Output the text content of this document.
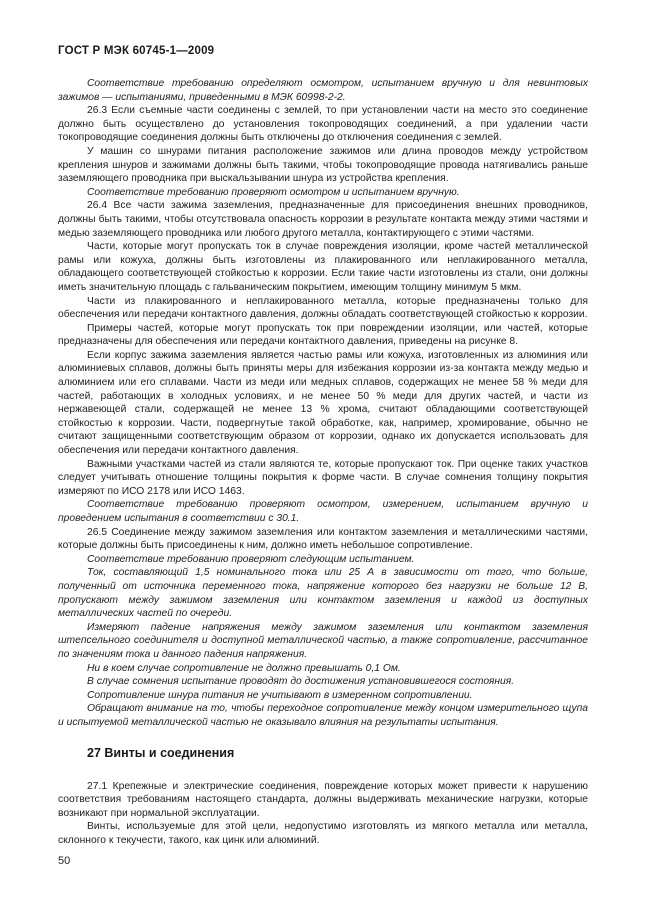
ГОСТ Р МЭК 60745-1—2009

Соответствие требованию определяют осмотром, испытанием вручную и для невинтовых зажимов — испытаниями, приведенными в МЭК 60998-2-2.

26.3 Если съемные части соединены с землей, то при установлении части на место это соединение должно быть осуществлено до установления токопроводящих соединений, а при удалении части токопроводящие соединения должны быть отключены до отключения соединения с землей.

У машин со шнурами питания расположение зажимов или длина проводов между устройством крепления шнуров и зажимами должны быть такими, чтобы токопроводящие провода натягивались раньше заземляющего проводника при выскальзывании шнура из устройства крепления.

Соответствие требованию проверяют осмотром и испытанием вручную.

26.4 Все части зажима заземления, предназначенные для присоединения внешних проводников, должны быть такими, чтобы отсутствовала опасность коррозии в результате контакта между этими частями и медью заземляющего проводника или любого другого металла, контактирующего с этими частями.

Части, которые могут пропускать ток в случае повреждения изоляции, кроме частей металлической рамы или кожуха, должны быть изготовлены из плакированного или неплакированного металла, обладающего соответствующей стойкостью к коррозии. Если такие части изготовлены из стали, они должны иметь значительную площадь с гальваническим покрытием, имеющим толщину минимум 5 мкм.

Части из плакированного и неплакированного металла, которые предназначены только для обеспечения или передачи контактного давления, должны обладать соответствующей стойкостью к коррозии.

Примеры частей, которые могут пропускать ток при повреждении изоляции, или частей, которые предназначены для обеспечения или передачи контактного давления, приведены на рисунке 8.

Если корпус зажима заземления является частью рамы или кожуха, изготовленных из алюминия или алюминиевых сплавов, должны быть приняты меры для избежания коррозии из-за контакта между медью и алюминием или его сплавами. Части из меди или медных сплавов, содержащих не менее 58 % меди для частей, работающих в холодных условиях, и не менее 50 % меди для других частей, и части из нержавеющей стали, содержащей не менее 13 % хрома, считают обладающими соответствующей стойкостью к коррозии. Части, подвергнутые такой обработке, как, например, хромирование, обычно не считают защищенными соответствующим образом от коррозии, однако их допускается использовать для обеспечения или передачи контактного давления.

Важными участками частей из стали являются те, которые пропускают ток. При оценке таких участков следует учитывать отношение толщины покрытия к форме части. В случае сомнения толщину покрытия измеряют по ИСО 2178 или ИСО 1463.

Соответствие требованию проверяют осмотром, измерением, испытанием вручную и проведением испытания в соответствии с 30.1.

26.5 Соединение между зажимом заземления или контактом заземления и металлическими частями, которые должны быть присоединены к ним, должно иметь небольшое сопротивление.

Соответствие требованию проверяют следующим испытанием.

Ток, составляющий 1,5 номинального тока или 25 А в зависимости от того, что больше, полученный от источника переменного тока, напряжение которого без нагрузки не больше 12 В, пропускают между зажимом заземления или контактом заземления и каждой из доступных металлических частей по очереди.

Измеряют падение напряжения между зажимом заземления или контактом заземления штепсельного соединителя и доступной металлической частью, а также сопротивление, рассчитанное по значениям тока и данного падения напряжения.

Ни в коем случае сопротивление не должно превышать 0,1 Ом.

В случае сомнения испытание проводят до достижения установившегося состояния.

Сопротивление шнура питания не учитывают в измеренном сопротивлении.

Обращают внимание на то, чтобы переходное сопротивление между концом измерительного щупа и испытуемой металлической частью не оказывало влияния на результаты испытания.

27 Винты и соединения

27.1 Крепежные и электрические соединения, повреждение которых может привести к нарушению соответствия требованиям настоящего стандарта, должны выдерживать механические нагрузки, которые возникают при нормальной эксплуатации.

Винты, используемые для этой цели, недопустимо изготовлять из мягкого металла или металла, склонного к текучести, такого, как цинк или алюминий.

50
